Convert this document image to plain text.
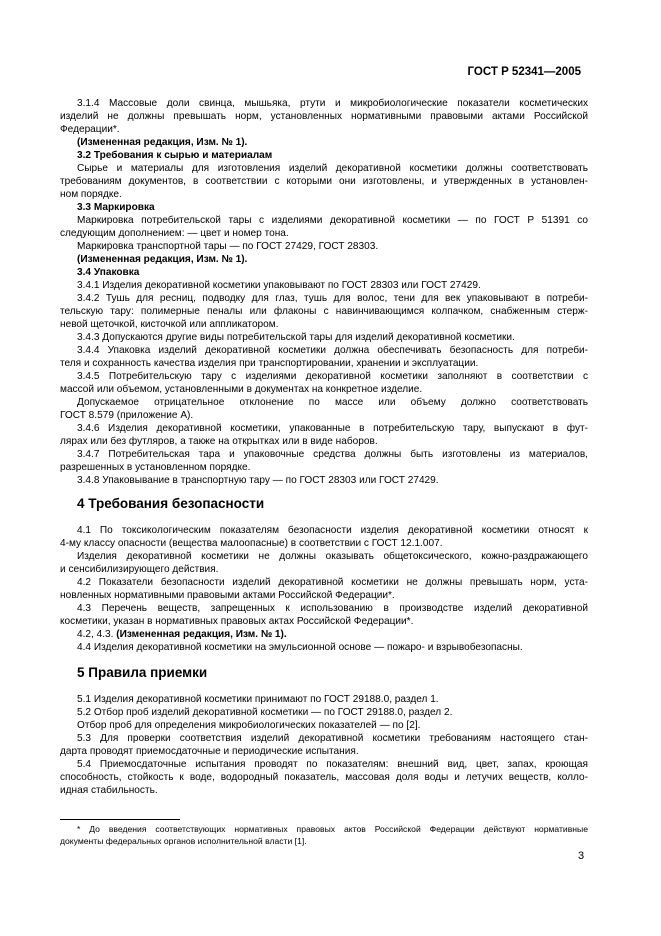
ГОСТ Р 52341—2005
3.1.4 Массовые доли свинца, мышьяка, ртути и микробиологические показатели косметических
изделий не должны превышать норм, установленных нормативными правовыми актами Российской
Федерации*.
(Измененная редакция, Изм. № 1).
3.2 Требования к сырью и материалам
Сырье и материалы для изготовления изделий декоративной косметики должны соответствовать
требованиям документов, в соответствии с которыми они изготовлены, и утвержденных в установлен-
ном порядке.
3.3 Маркировка
Маркировка потребительской тары с изделиями декоративной косметики — по ГОСТ Р 51391 со
следующим дополнением: — цвет и номер тона.
Маркировка транспортной тары — по ГОСТ 27429, ГОСТ 28303.
(Измененная редакция, Изм. № 1).
3.4 Упаковка
3.4.1 Изделия декоративной косметики упаковывают по ГОСТ 28303 или ГОСТ 27429.
3.4.2 Тушь для ресниц, подводку для глаз, тушь для волос, тени для век упаковывают в потреби-
тельскую тару: полимерные пеналы или флаконы с навинчивающимся колпачком, снабженным стерж-
невой щеточкой, кисточкой или аппликатором.
3.4.3 Допускаются другие виды потребительской тары для изделий декоративной косметики.
3.4.4 Упаковка изделий декоративной косметики должна обеспечивать безопасность для потреби-
теля и сохранность качества изделия при транспортировании, хранении и эксплуатации.
3.4.5 Потребительскую тару с изделиями декоративной косметики заполняют в соответствии с
массой или объемом, установленными в документах на конкретное изделие.
Допускаемое отрицательное отклонение по массе или объему должно соответствовать
ГОСТ 8.579 (приложение А).
3.4.6 Изделия декоративной косметики, упакованные в потребительскую тару, выпускают в фут-
лярах или без футляров, а также на открытках или в виде наборов.
3.4.7 Потребительская тара и упаковочные средства должны быть изготовлены из материалов,
разрешенных в установленном порядке.
3.4.8 Упаковывание в транспортную тару — по ГОСТ 28303 или ГОСТ 27429.
4 Требования безопасности
4.1 По токсикологическим показателям безопасности изделия декоративной косметики относят к
4-му классу опасности (вещества малоопасные) в соответствии с ГОСТ 12.1.007.
Изделия декоративной косметики не должны оказывать общетоксического, кожно-раздражающего
и сенсибилизирующего действия.
4.2 Показатели безопасности изделий декоративной косметики не должны превышать норм, уста-
новленных нормативными правовыми актами Российской Федерации*.
4.3 Перечень веществ, запрещенных к использованию в производстве изделий декоративной
косметики, указан в нормативных правовых актах Российской Федерации*.
4.2, 4.3. (Измененная редакция, Изм. № 1).
4.4 Изделия декоративной косметики на эмульсионной основе — пожаро- и взрывобезопасны.
5 Правила приемки
5.1 Изделия декоративной косметики принимают по ГОСТ 29188.0, раздел 1.
5.2 Отбор проб изделий декоративной косметики — по ГОСТ 29188.0, раздел 2.
Отбор проб для определения микробиологических показателей — по [2].
5.3 Для проверки соответствия изделий декоративной косметики требованиям настоящего стан-
дарта проводят приемосдаточные и периодические испытания.
5.4 Приемосдаточные испытания проводят по показателям: внешний вид, цвет, запах, кроющая
способность, стойкость к воде, водородный показатель, массовая доля воды и летучих веществ, колло-
идная стабильность.
* До введения соответствующих нормативных правовых актов Российской Федерации действуют нормативные
документы федеральных органов исполнительной власти [1].
3
